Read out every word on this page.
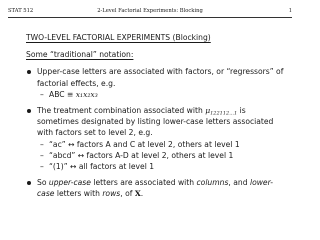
STAT 512	2-Level Factorial Experiments: Blocking	1
TWO-LEVEL FACTORIAL EXPERIMENTS (Blocking)
Some “traditional” notation:
Upper-case letters are associated with factors, or “regressors” of factorial effects, e.g.
– ABC ≡ x₁x₂x₃
The treatment combination associated with $\mu_{122112...1}$ is sometimes designated by listing lower-case letters associated with factors set to level 2, e.g.
– “ac” ↔ factors A and C at level 2, others at level 1
– “abcd” ↔ factors A-D at level 2, others at level 1
– “(1)” ↔ all factors at level 1
So upper-case letters are associated with columns, and lower-case letters with rows, of X.
